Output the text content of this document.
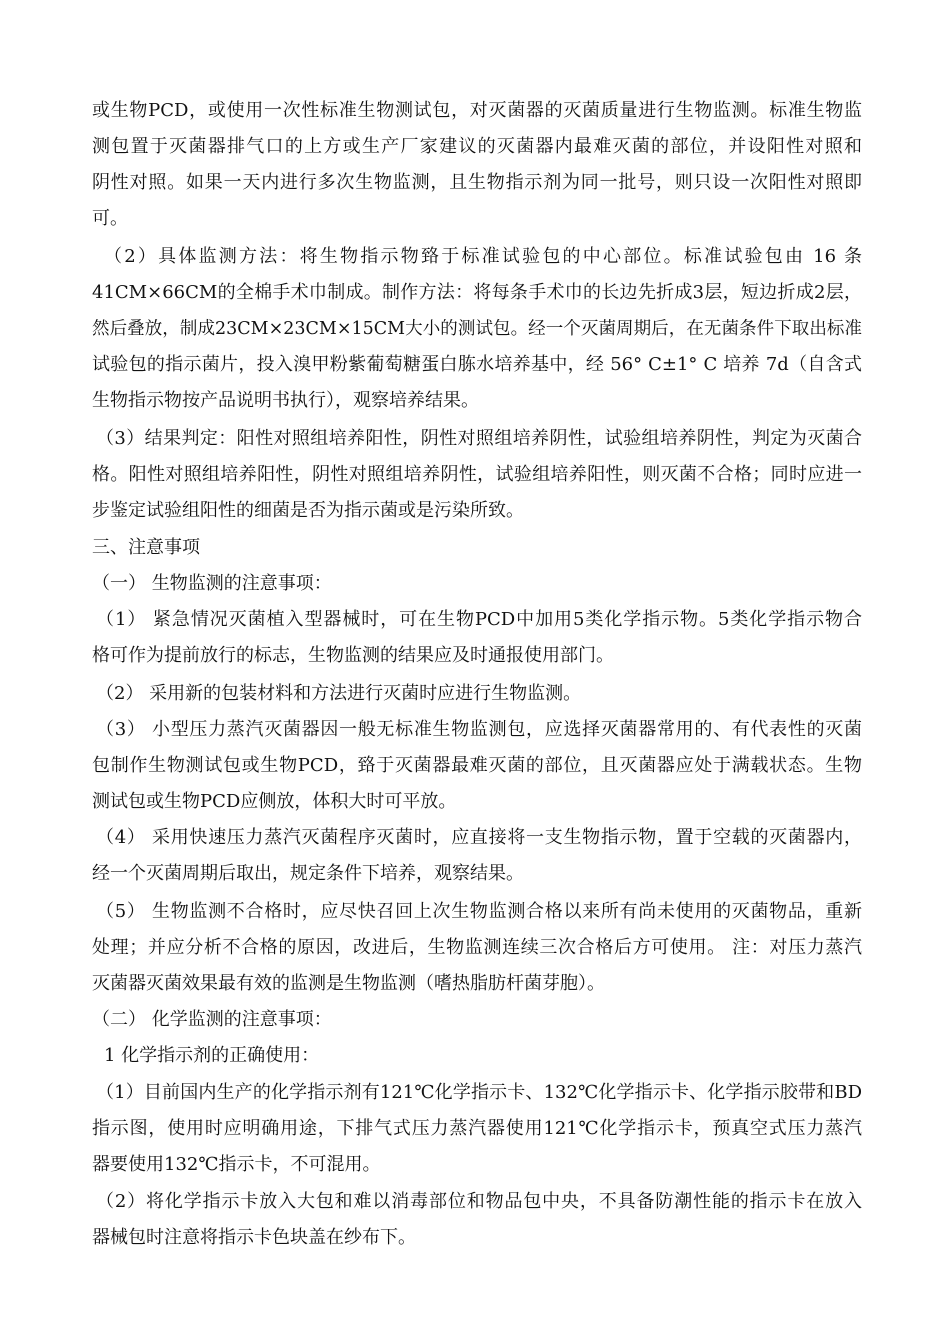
或生物PCD，或使用一次性标准生物测试包，对灭菌器的灭菌质量进行生物监测。标准生物监
测包置于灭菌器排气口的上方或生产厂家建议的灭菌器内最难灭菌的部位，并设阳性对照和
阴性对照。如果一天内进行多次生物监测，且生物指示剂为同一批号，则只设一次阳性对照即
可。
（2）具体监测方法：将生物指示物臵于标准试验包的中心部位。标准试验包由 16 条
41CM×66CM的全棉手术巾制成。制作方法：将每条手术巾的长边先折成3层，短边折成2层，
然后叠放，制成23CM×23CM×15CM大小的测试包。经一个灭菌周期后，在无菌条件下取出标准
试验包的指示菌片，投入溴甲粉紫葡萄糖蛋白胨水培养基中，经 56° C±1° C 培养 7d（自含式
生物指示物按产品说明书执行），观察培养结果。
（3）结果判定：阳性对照组培养阳性，阴性对照组培养阴性，试验组培养阴性，判定为灭菌合
格。阳性对照组培养阳性，阴性对照组培养阴性，试验组培养阳性，则灭菌不合格；同时应进一
步鉴定试验组阳性的细菌是否为指示菌或是污染所致。
三、注意事项
（一） 生物监测的注意事项：
（1） 紧急情况灭菌植入型器械时，可在生物PCD中加用5类化学指示物。5类化学指示物合
格可作为提前放行的标志，生物监测的结果应及时通报使用部门。
（2） 采用新的包装材料和方法进行灭菌时应进行生物监测。
（3） 小型压力蒸汽灭菌器因一般无标准生物监测包，应选择灭菌器常用的、有代表性的灭菌
包制作生物测试包或生物PCD，臵于灭菌器最难灭菌的部位，且灭菌器应处于满载状态。生物
测试包或生物PCD应侧放，体积大时可平放。
（4） 采用快速压力蒸汽灭菌程序灭菌时，应直接将一支生物指示物，置于空载的灭菌器内，
经一个灭菌周期后取出，规定条件下培养，观察结果。
（5） 生物监测不合格时，应尽快召回上次生物监测合格以来所有尚未使用的灭菌物品，重新
处理；并应分析不合格的原因，改进后，生物监测连续三次合格后方可使用。 注：对压力蒸汽
灭菌器灭菌效果最有效的监测是生物监测（嗜热脂肪杆菌芽胞）。
（二） 化学监测的注意事项：
1 化学指示剂的正确使用：
（1）目前国内生产的化学指示剂有121℃化学指示卡、132℃化学指示卡、化学指示胶带和BD
指示图，使用时应明确用途，下排气式压力蒸汽器使用121℃化学指示卡，预真空式压力蒸汽
器要使用132℃指示卡，不可混用。
（2）将化学指示卡放入大包和难以消毒部位和物品包中央，不具备防潮性能的指示卡在放入
器械包时注意将指示卡色块盖在纱布下。
